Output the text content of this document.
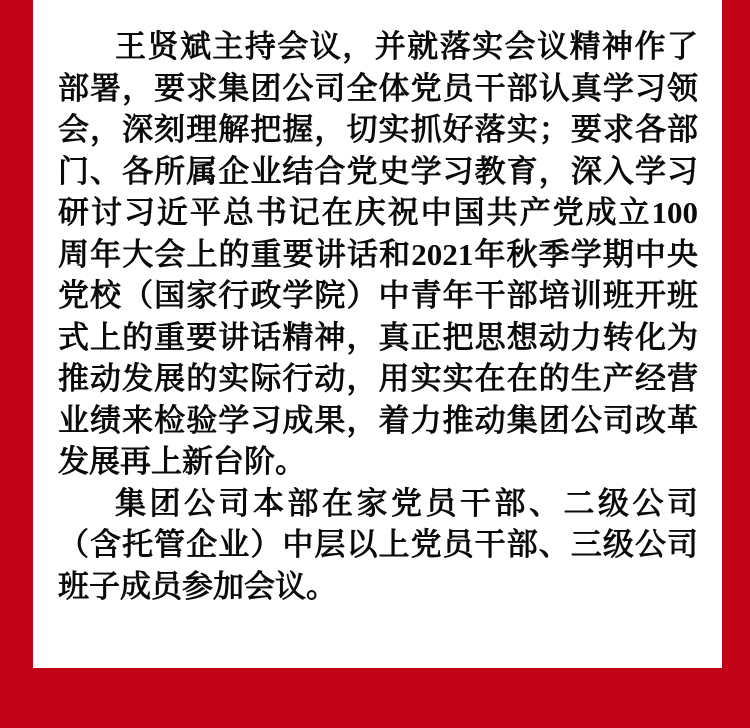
王贤斌主持会议，并就落实会议精神作了
部署，要求集团公司全体党员干部认真学习领
会，深刻理解把握，切实抓好落实；要求各部
门、各所属企业结合党史学习教育，深入学习
研讨习近平总书记在庆祝中国共产党成立100
周年大会上的重要讲话和2021年秋季学期中央
党校（国家行政学院）中青年干部培训班开班
式上的重要讲话精神，真正把思想动力转化为
推动发展的实际行动，用实实在在的生产经营
业绩来检验学习成果，着力推动集团公司改革
发展再上新台阶。
集团公司本部在家党员干部、二级公司
（含托管企业）中层以上党员干部、三级公司
班子成员参加会议。
